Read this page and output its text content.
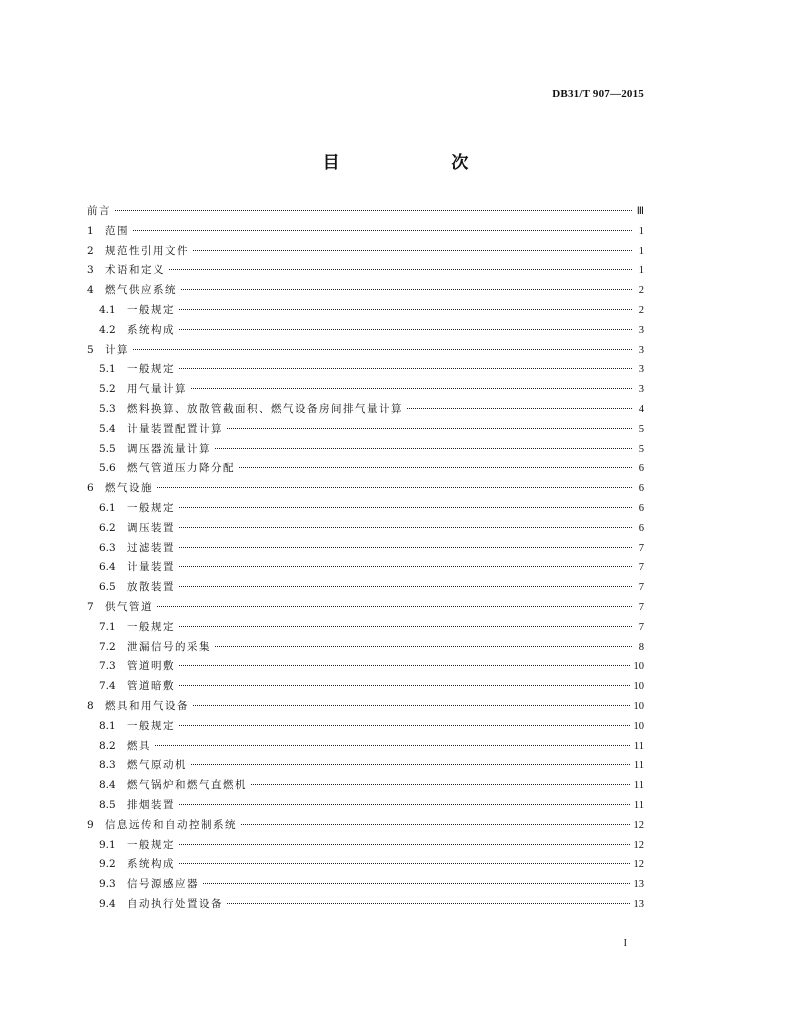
DB31/T 907—2015
目	次
前言	Ⅲ
1	范围	1
2	规范性引用文件	1
3	术语和定义	1
4	燃气供应系统	2
4.1	一般规定	2
4.2	系统构成	3
5	计算	3
5.1	一般规定	3
5.2	用气量计算	3
5.3	燃料换算、放散管截面积、燃气设备房间排气量计算	4
5.4	计量装置配置计算	5
5.5	调压器流量计算	5
5.6	燃气管道压力降分配	6
6	燃气设施	6
6.1	一般规定	6
6.2	调压装置	6
6.3	过滤装置	7
6.4	计量装置	7
6.5	放散装置	7
7	供气管道	7
7.1	一般规定	7
7.2	泄漏信号的采集	8
7.3	管道明敷	10
7.4	管道暗敷	10
8	燃具和用气设备	10
8.1	一般规定	10
8.2	燃具	11
8.3	燃气原动机	11
8.4	燃气锅炉和燃气直燃机	11
8.5	排烟装置	11
9	信息远传和自动控制系统	12
9.1	一般规定	12
9.2	系统构成	12
9.3	信号源感应器	13
9.4	自动执行处置设备	13
I
